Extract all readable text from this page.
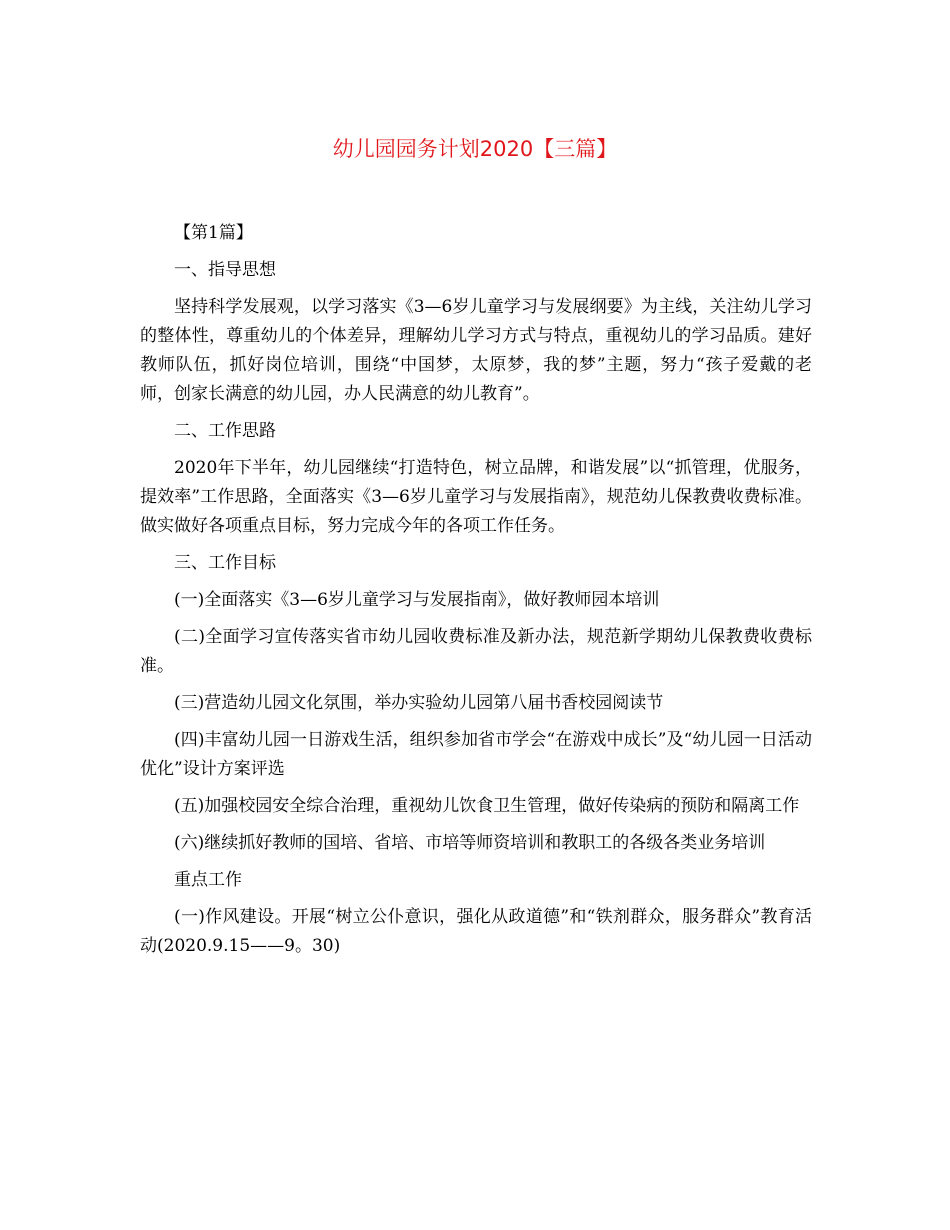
幼儿园园务计划2020【三篇】

【第1篇】

一、指导思想

坚持科学发展观，以学习落实《3—6岁儿童学习与发展纲要》为主线，关注幼儿学习的整体性，尊重幼儿的个体差异，理解幼儿学习方式与特点，重视幼儿的学习品质。建好教师队伍，抓好岗位培训，围绕“中国梦，太原梦，我的梦”主题，努力“孩子爱戴的老师，创家长满意的幼儿园，办人民满意的幼儿教育”。

二、工作思路

2020年下半年，幼儿园继续“打造特色，树立品牌，和谐发展”以“抓管理，优服务，提效率”工作思路，全面落实《3—6岁儿童学习与发展指南》，规范幼儿保教费收费标准。做实做好各项重点目标，努力完成今年的各项工作任务。

三、工作目标

(一)全面落实《3—6岁儿童学习与发展指南》，做好教师园本培训

(二)全面学习宣传落实省市幼儿园收费标准及新办法，规范新学期幼儿保教费收费标准。

(三)营造幼儿园文化氛围，举办实验幼儿园第八届书香校园阅读节

(四)丰富幼儿园一日游戏生活，组织参加省市学会“在游戏中成长”及“幼儿园一日活动优化”设计方案评选

(五)加强校园安全综合治理，重视幼儿饮食卫生管理，做好传染病的预防和隔离工作

(六)继续抓好教师的国培、省培、市培等师资培训和教职工的各级各类业务培训

重点工作

(一)作风建设。开展“树立公仆意识，强化从政道德”和“铁剂群众，服务群众”教育活动(2020.9.15——9。30)
